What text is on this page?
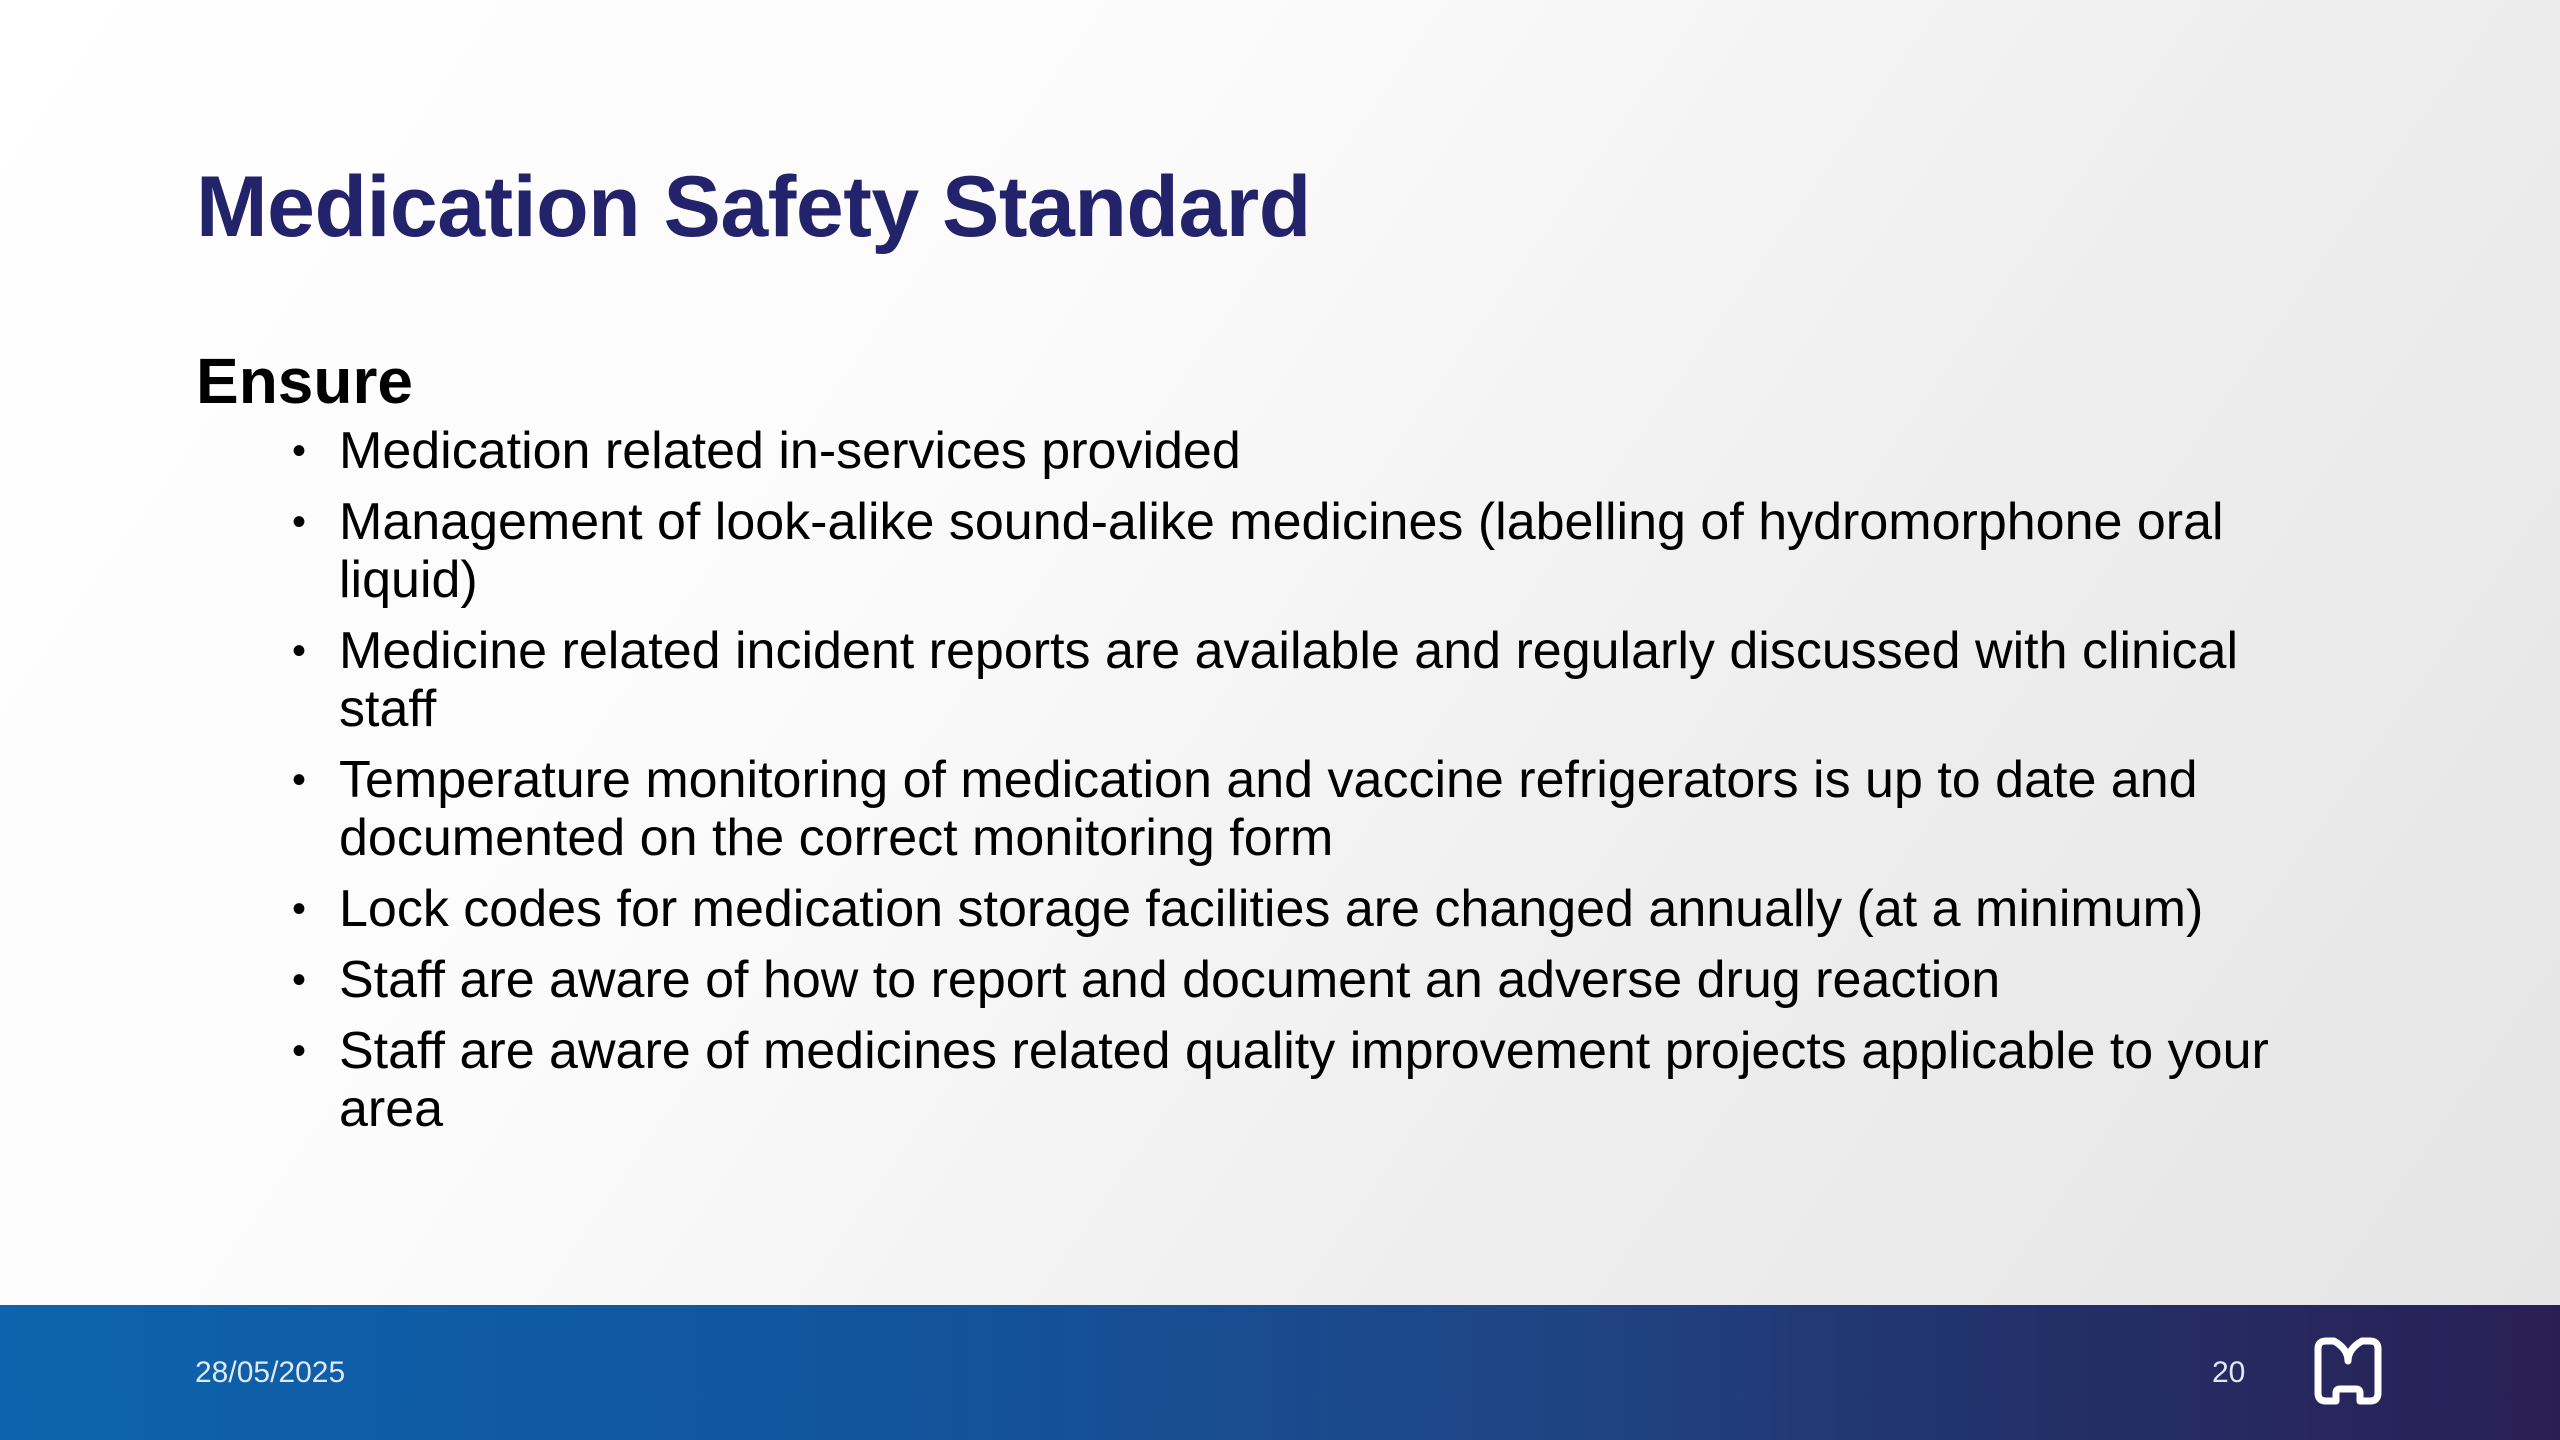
Medication Safety Standard
Ensure
• Medication related in-services provided
• Management of look-alike sound-alike medicines (labelling of hydromorphone oral liquid)
• Medicine related incident reports are available and regularly discussed with clinical staff
• Temperature monitoring of medication and vaccine refrigerators is up to date and documented on the correct monitoring form
• Lock codes for medication storage facilities are changed annually (at a minimum)
• Staff are aware of how to report and document an adverse drug reaction
• Staff are aware of medicines related quality improvement projects applicable to your area
28/05/2025	20
